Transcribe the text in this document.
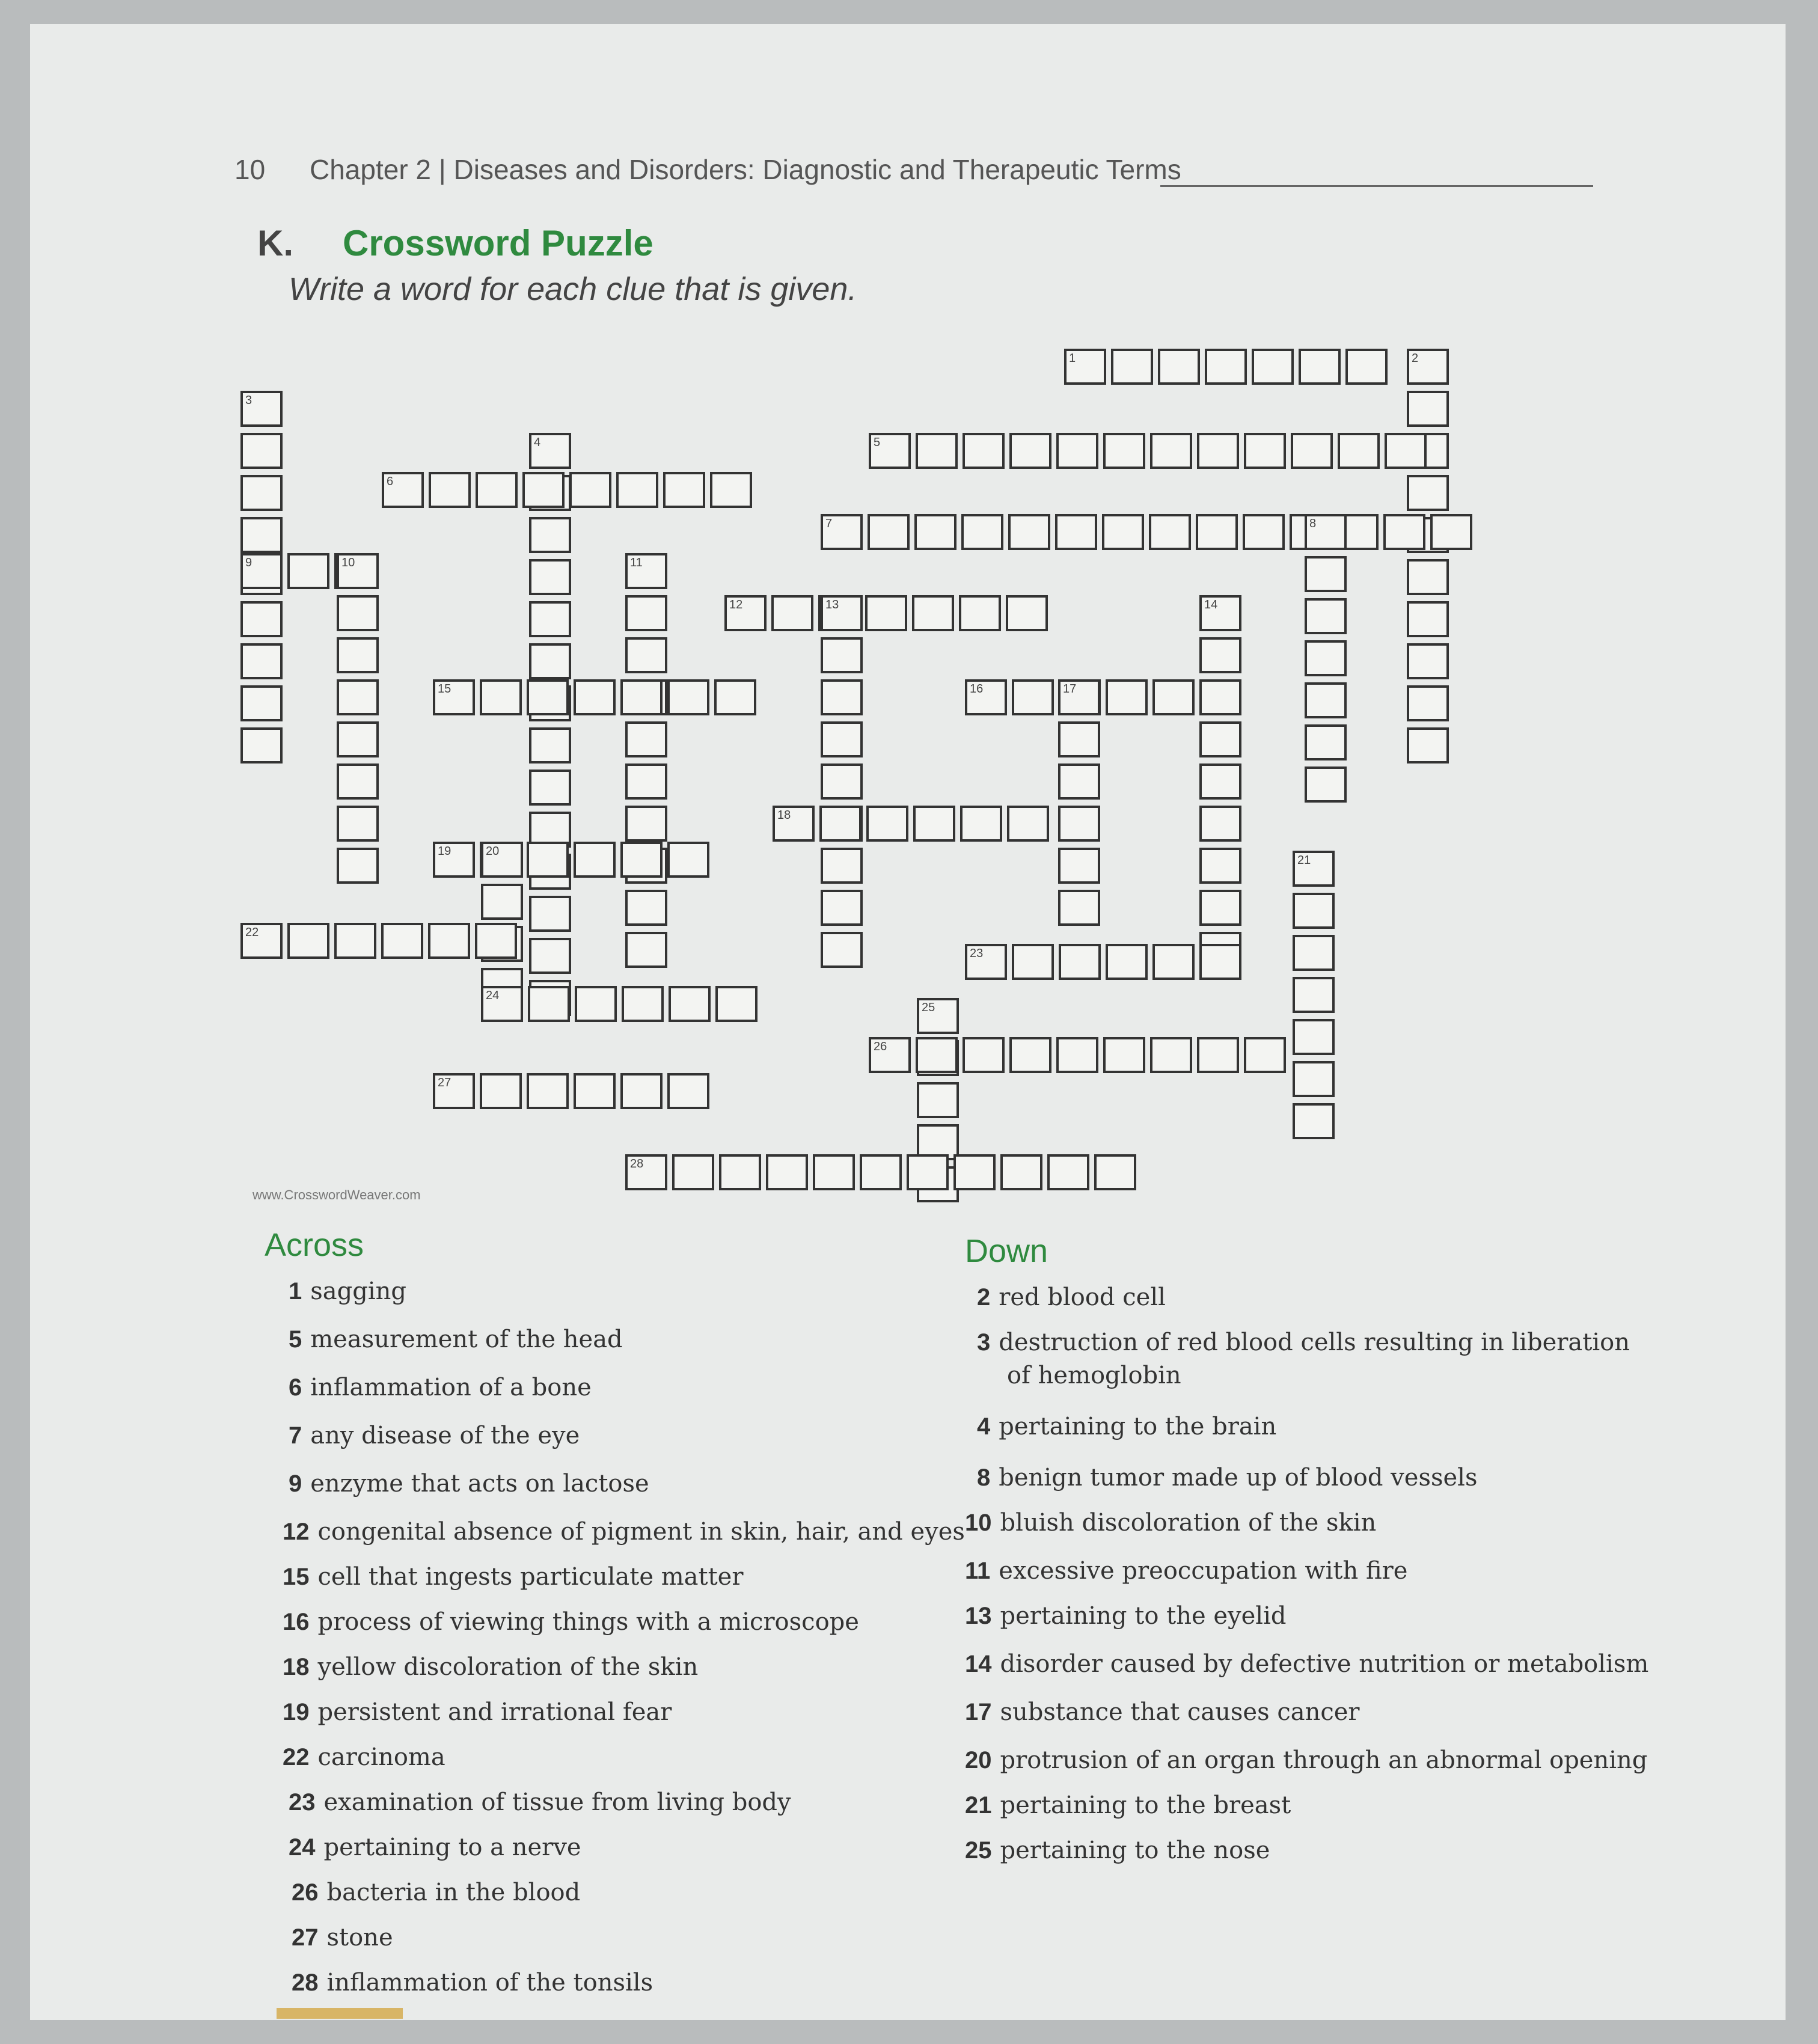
10 Chapter 2 | Diseases and Disorders: Diagnostic and Therapeutic Terms
K. Crossword Puzzle
Write a word for each clue that is given.
1	2
3
4	5
6
7	8
9	10	11
12	13	14
15	16	17
18
19	20
21
22
23
24
25
26
27
28
www.CrosswordWeaver.com
Across	Down
1 sagging
5 measurement of the head
6 inflammation of a bone
7 any disease of the eye
9 enzyme that acts on lactose
12 congenital absence of pigment in skin, hair, and eyes
15 cell that ingests particulate matter
16 process of viewing things with a microscope
18 yellow discoloration of the skin
19 persistent and irrational fear
22 carcinoma
23 examination of tissue from living body
24 pertaining to a nerve
26 bacteria in the blood
27 stone
28 inflammation of the tonsils
2 red blood cell
3 destruction of red blood cells resulting in liberation
of hemoglobin
4 pertaining to the brain
8 benign tumor made up of blood vessels
10 bluish discoloration of the skin
11 excessive preoccupation with fire
13 pertaining to the eyelid
14 disorder caused by defective nutrition or metabolism
17 substance that causes cancer
20 protrusion of an organ through an abnormal opening
21 pertaining to the breast
25 pertaining to the nose
